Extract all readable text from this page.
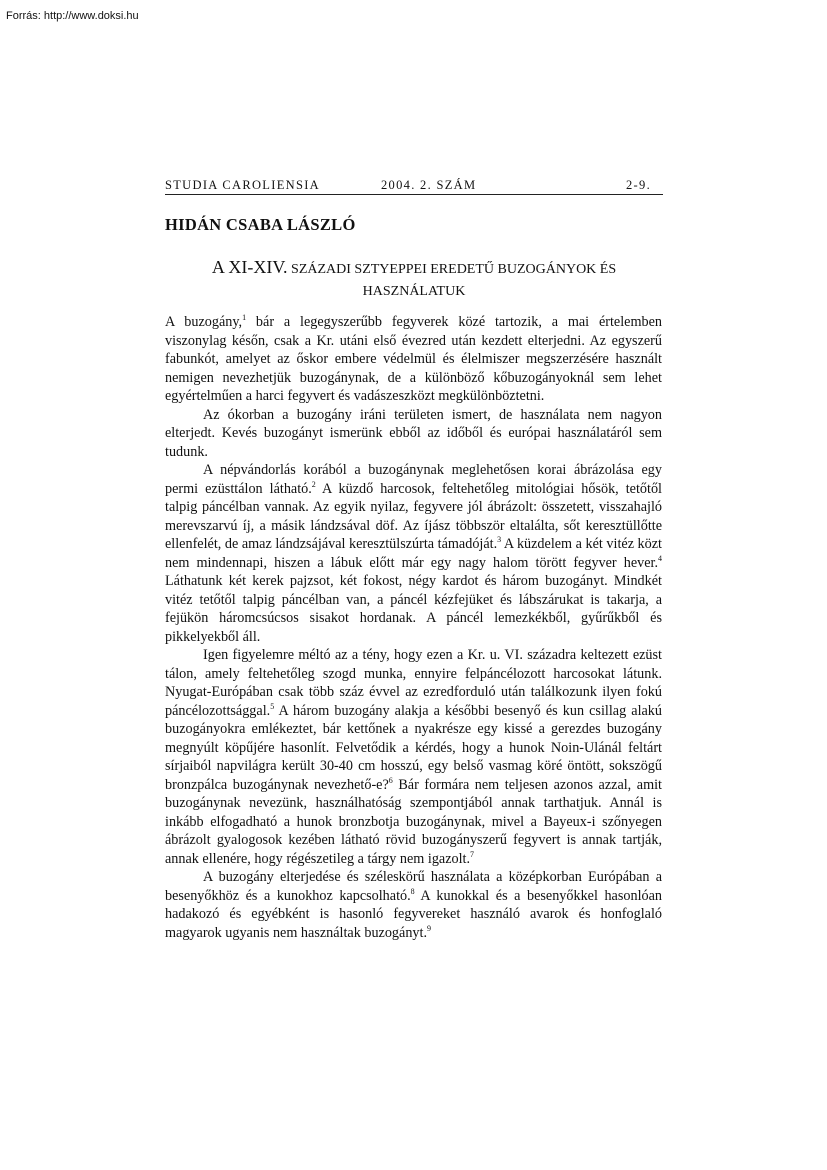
Forrás: http://www.doksi.hu
STUDIA CAROLIENSIA	2004. 2. SZÁM	2-9.
HIDÁN CSABA LÁSZLÓ
A XI-XIV. SZÁZADI SZTYEPPEI EREDETŰ BUZOGÁNYOK ÉS
HASZNÁLATUK

A buzogány,$^1$ bár a legegyszerűbb fegyverek közé tartozik, a mai értelemben viszonylag későn, csak a Kr. utáni első évezred után kezdett elterjedni. Az egyszerű fabunkót, amelyet az őskor embere védelmül és élelmiszer megszerzésére használt nemigen nevezhetjük buzogánynak, de a különböző kőbuzogányoknál sem lehet egyértelműen a harci fegyvert és vadászeszközt megkülönböztetni.

Az ókorban a buzogány iráni területen ismert, de használata nem nagyon elterjedt. Kevés buzogányt ismerünk ebből az időből és európai használatáról sem tudunk.

A népvándorlás korából a buzogánynak meglehetősen korai ábrázolása egy permi ezüsttálon látható.$^2$ A küzdő harcosok, feltehetőleg mitológiai hősök, tetőtől talpig páncélban vannak. Az egyik nyilaz, fegyvere jól ábrázolt: összetett, visszahajló merevszarvú íj, a másik lándzsával döf. Az íjász többször eltalálta, sőt keresztüllőtte ellenfelét, de amaz lándzsájával keresztülszúrta támadóját.$^3$ A küzdelem a két vitéz közt nem mindennapi, hiszen a lábuk előtt már egy nagy halom törött fegyver hever.$^4$ Láthatunk két kerek pajzsot, két fokost, négy kardot és három buzogányt. Mindkét vitéz tetőtől talpig páncélban van, a páncél kézfejüket és lábszárukat is takarja, a fejükön háromcsúcsos sisakot hordanak. A páncél lemezkékből, gyűrűkből és pikkelyekből áll.

Igen figyelemre méltó az a tény, hogy ezen a Kr. u. VI. századra keltezett ezüst tálon, amely feltehetőleg szogd munka, ennyire felpáncélozott harcosokat látunk. Nyugat-Európában csak több száz évvel az ezredforduló után találkozunk ilyen fokú páncélozottsággal.$^5$ A három buzogány alakja a későbbi besenyő és kun csillag alakú buzogányokra emlékeztet, bár kettőnek a nyakrésze egy kissé a gerezdes buzogány megnyúlt köpűjére hasonlít. Felvetődik a kérdés, hogy a hunok Noin-Ulánál feltárt sírjaiból napvilágra került 30-40 cm hosszú, egy belső vasmag köré öntött, sokszögű bronzpálca buzogánynak nevezhető-e?$^6$ Bár formára nem teljesen azonos azzal, amit buzogánynak nevezünk, használhatóság szempontjából annak tarthatjuk. Annál is inkább elfogadható a hunok bronzbotja buzogánynak, mivel a Bayeux-i szőnyegen ábrázolt gyalogosok kezében látható rövid buzogányszerű fegyvert is annak tartják, annak ellenére, hogy régészetileg a tárgy nem igazolt.$^7$

A buzogány elterjedése és széleskörű használata a középkorban Európában a besenyőkhöz és a kunokhoz kapcsolható.$^8$ A kunokkal és a besenyőkkel hasonlóan hadakozó és egyébként is hasonló fegyvereket használó avarok és honfoglaló magyarok ugyanis nem használtak buzogányt.$^9$
